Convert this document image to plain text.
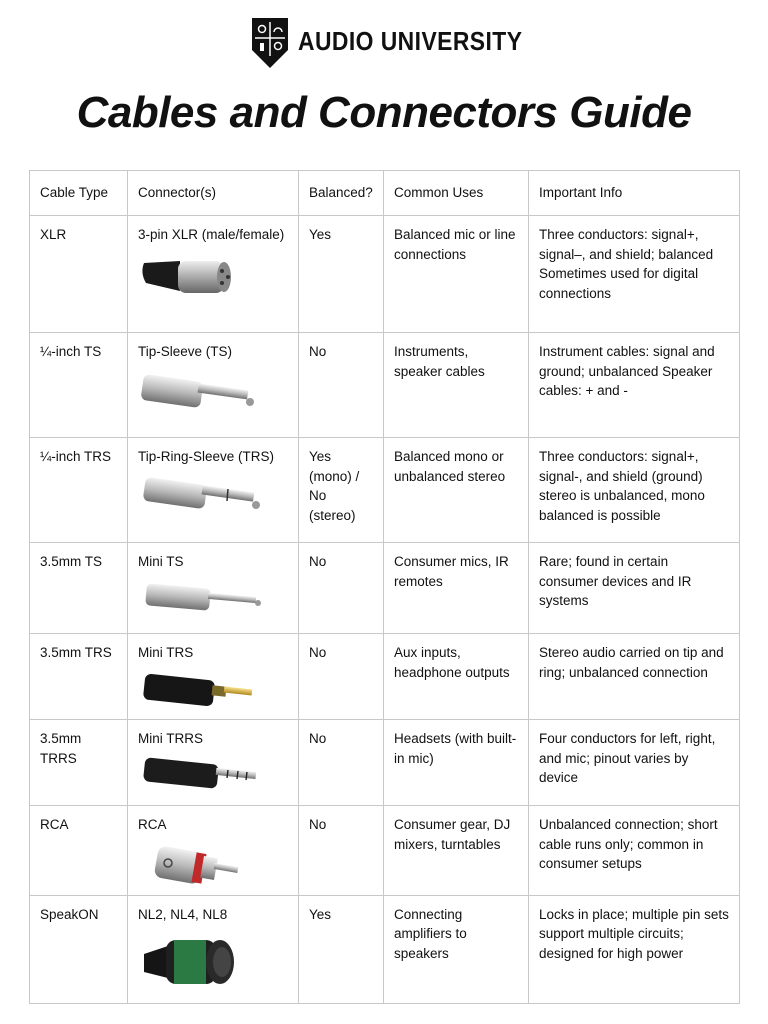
AUDIO UNIVERSITY
Cables and Connectors Guide
Cable Type	Connector(s)	Balanced?	Common Uses	Important Info
XLR	3-pin XLR (male/female)	Yes	Balanced mic or line connections	Three conductors: signal+, signal–, and shield; balanced Sometimes used for digital connections
¼-inch TS	Tip-Sleeve (TS)	No	Instruments, speaker cables	Instrument cables: signal and ground; unbalanced Speaker cables: + and -
¼-inch TRS	Tip-Ring-Sleeve (TRS)	Yes (mono) / No (stereo)	Balanced mono or unbalanced stereo	Three conductors: signal+, signal-, and shield (ground) stereo is unbalanced, mono balanced is possible
3.5mm TS	Mini TS	No	Consumer mics, IR remotes	Rare; found in certain consumer devices and IR systems
3.5mm TRS	Mini TRS	No	Aux inputs, headphone outputs	Stereo audio carried on tip and ring; unbalanced connection
3.5mm TRRS	Mini TRRS	No	Headsets (with built-in mic)	Four conductors for left, right, and mic; pinout varies by device
RCA	RCA	No	Consumer gear, DJ mixers, turntables	Unbalanced connection; short cable runs only; common in consumer setups
SpeakON	NL2, NL4, NL8	Yes	Connecting amplifiers to speakers	Locks in place; multiple pin sets support multiple circuits; designed for high power
